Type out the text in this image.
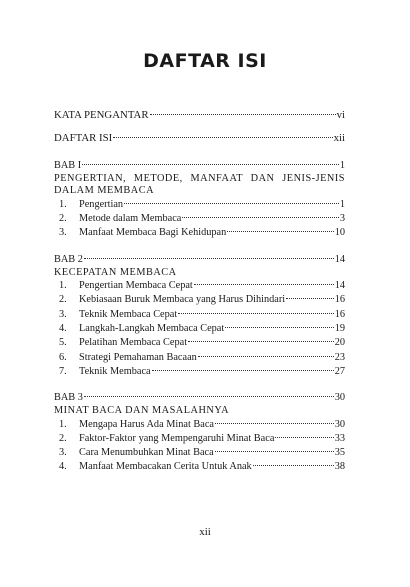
DAFTAR ISI
KATA PENGANTAR	vi
DAFTAR ISI	xii
BAB I	1
PENGERTIAN, METODE, MANFAAT DAN JENIS-JENIS DALAM MEMBACA
1.	Pengertian	1
2.	Metode dalam Membaca	3
3.	Manfaat Membaca Bagi Kehidupan	10
BAB 2	14
KECEPATAN MEMBACA
1.	Pengertian Membaca Cepat	14
2.	Kebiasaan Buruk Membaca yang Harus Dihindari	16
3.	Teknik Membaca Cepat	16
4.	Langkah-Langkah Membaca Cepat	19
5.	Pelatihan Membaca Cepat	20
6.	Strategi Pemahaman Bacaan	23
7.	Teknik Membaca	27
BAB 3	30
MINAT BACA DAN MASALAHNYA
1.	Mengapa Harus Ada Minat Baca	30
2.	Faktor-Faktor yang Mempengaruhi Minat Baca	33
3.	Cara Menumbuhkan Minat Baca	35
4.	Manfaat Membacakan Cerita Untuk Anak	38
xii
